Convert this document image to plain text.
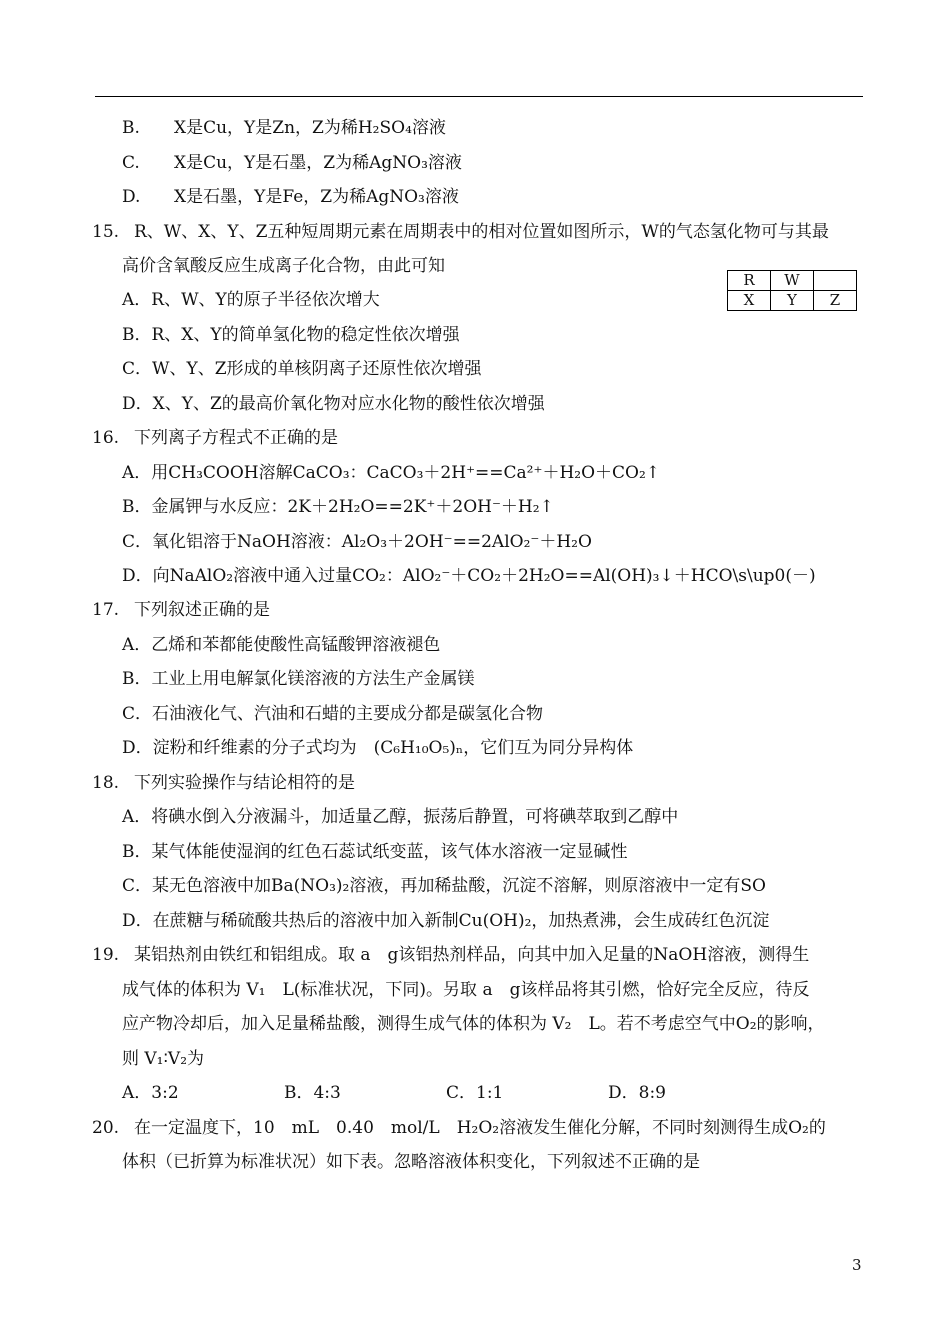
B. X是Cu，Y是Zn，Z为稀H₂SO₄溶液
C. X是Cu，Y是石墨，Z为稀AgNO₃溶液
D. X是石墨，Y是Fe，Z为稀AgNO₃溶液
15. R、W、X、Y、Z五种短周期元素在周期表中的相对位置如图所示，W的气态氢化物可与其最
高价含氧酸反应生成离子化合物，由此可知
R	W	
X	Y	Z
A．R、W、Y的原子半径依次增大
B．R、X、Y的简单氢化物的稳定性依次增强
C．W、Y、Z形成的单核阴离子还原性依次增强
D．X、Y、Z的最高价氧化物对应水化物的酸性依次增强
16. 下列离子方程式不正确的是
A．用CH₃COOH溶解CaCO₃：CaCO₃＋2H⁺==Ca²⁺＋H₂O＋CO₂↑
B．金属钾与水反应：2K＋2H₂O==2K⁺＋2OH⁻＋H₂↑
C．氧化铝溶于NaOH溶液：Al₂O₃＋2OH⁻==2AlO₂⁻＋H₂O
D．向NaAlO₂溶液中通入过量CO₂：AlO₂⁻＋CO₂＋2H₂O==Al(OH)₃↓＋HCO\s\up0(－)
17. 下列叙述正确的是
A．乙烯和苯都能使酸性高锰酸钾溶液褪色
B．工业上用电解氯化镁溶液的方法生产金属镁
C．石油液化气、汽油和石蜡的主要成分都是碳氢化合物
D．淀粉和纤维素的分子式均为　(C₆H₁₀O₅)ₙ，它们互为同分异构体
18. 下列实验操作与结论相符的是
A．将碘水倒入分液漏斗，加适量乙醇，振荡后静置，可将碘萃取到乙醇中
B．某气体能使湿润的红色石蕊试纸变蓝，该气体水溶液一定显碱性
C．某无色溶液中加Ba(NO₃)₂溶液，再加稀盐酸，沉淀不溶解，则原溶液中一定有SO
D．在蔗糖与稀硫酸共热后的溶液中加入新制Cu(OH)₂，加热煮沸，会生成砖红色沉淀
19. 某铝热剂由铁红和铝组成。取 a　g该铝热剂样品，向其中加入足量的NaOH溶液，测得生
成气体的体积为 V₁　L(标准状况，下同)。另取 a　g该样品将其引燃，恰好完全反应，待反
应产物冷却后，加入足量稀盐酸，测得生成气体的体积为 V₂　L。若不考虑空气中O₂的影响，
则 V₁∶V₂为
A．3:2	B．4:3	C．1:1	D．8:9
20. 在一定温度下，10　mL　0.40　mol/L　H₂O₂溶液发生催化分解，不同时刻测得生成O₂的
体积（已折算为标准状况）如下表。忽略溶液体积变化，下列叙述不正确的是
3
